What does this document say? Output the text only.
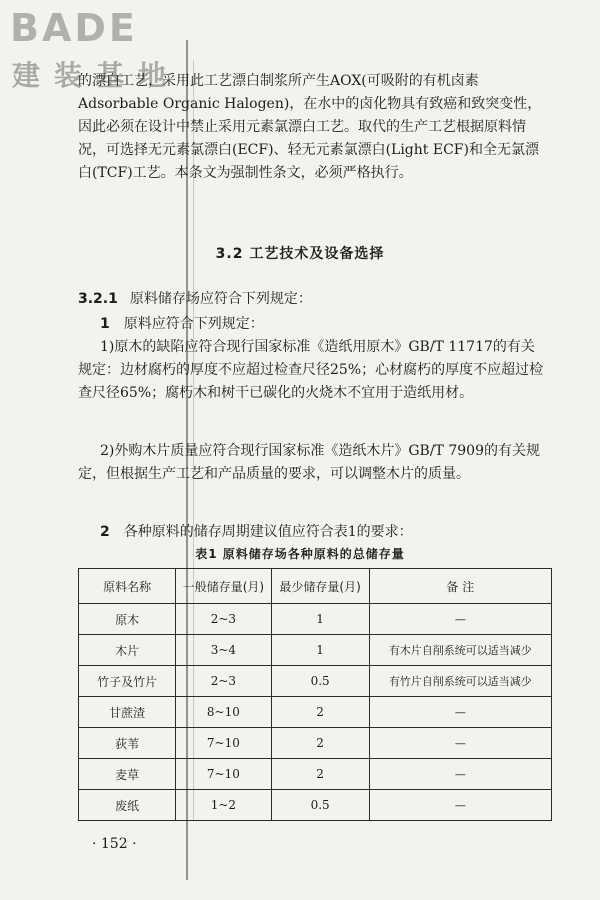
BADE
建装基地

的漂白工艺，采用此工艺漂白制浆所产生AOX(可吸附的有机卤素 Adsorbable Organic Halogen)，在水中的卤化物具有致癌和致突变性，因此必须在设计中禁止采用元素氯漂白工艺。取代的生产工艺根据原料情况，可选择无元素氯漂白(ECF)、轻无元素氯漂白(Light ECF)和全无氯漂白(TCF)工艺。本条文为强制性条文，必须严格执行。

3.2 工艺技术及设备选择
3.2.1 原料储存场应符合下列规定：
1 原料应符合下列规定：

1)原木的缺陷应符合现行国家标准《造纸用原木》GB/T 11717的有关规定：边材腐朽的厚度不应超过检查尺径25%；心材腐朽的厚度不应超过检查尺径65%；腐朽木和树干已碳化的火烧木不宜用于造纸用材。

2)外购木片质量应符合现行国家标准《造纸木片》GB/T 7909的有关规定，但根据生产工艺和产品质量的要求，可以调整木片的质量。

2 各种原料的储存周期建议值应符合表1的要求：
表1 原料储存场各种原料的总储存量
原料名称	一般储存量(月)	最少储存量(月)	备 注
原木	2~3	1	—
木片	3~4	1	有木片自削系统可以适当减少
竹子及竹片	2~3	0.5	有竹片自削系统可以适当减少
甘蔗渣	8~10	2	—
荻苇	7~10	2	—
麦草	7~10	2	—
废纸	1~2	0.5	—
· 152 ·
